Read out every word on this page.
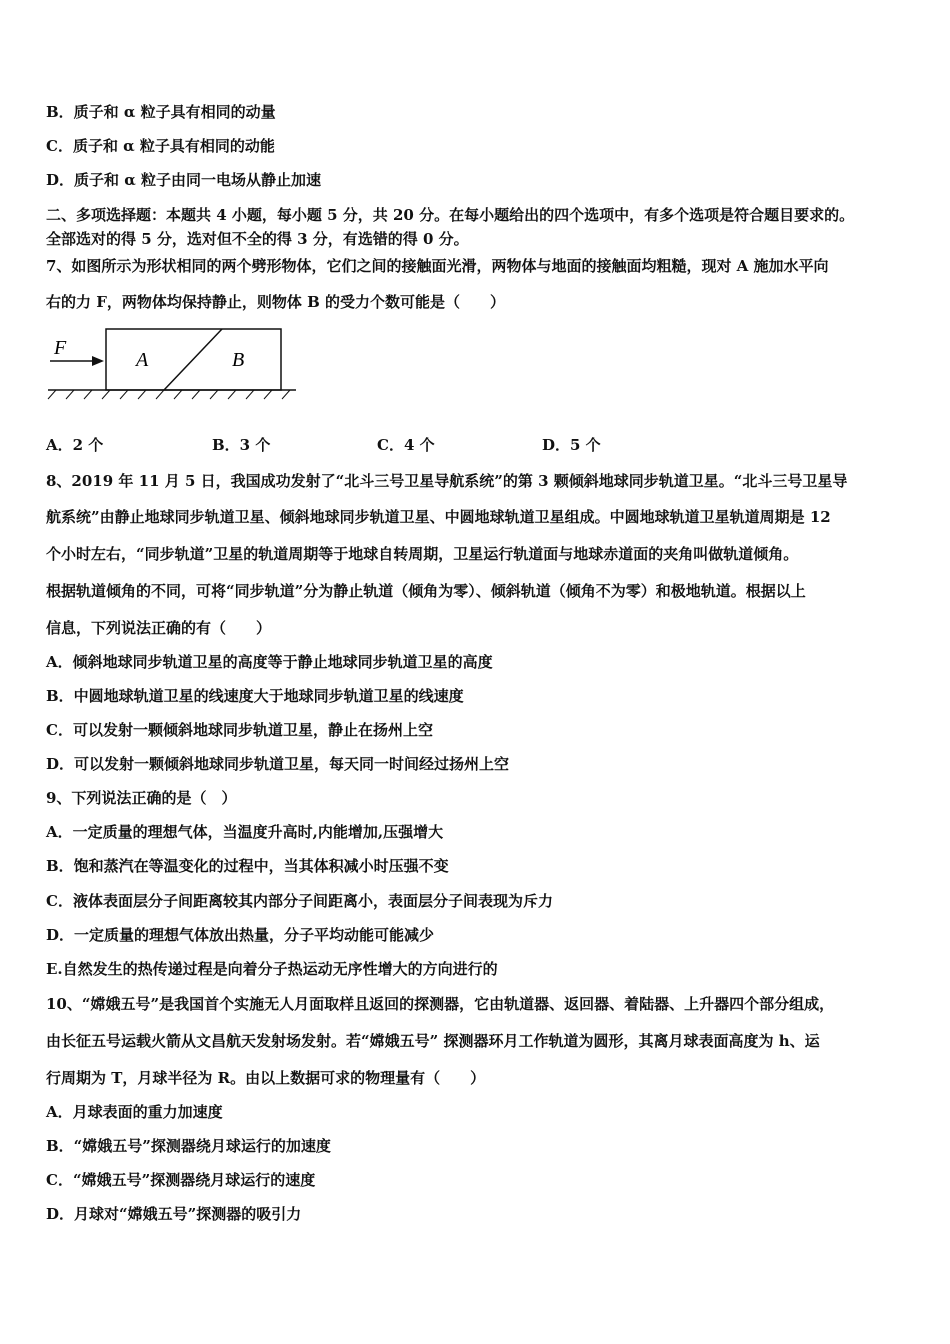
B．质子和 α 粒子具有相同的动量
C．质子和 α 粒子具有相同的动能
D．质子和 α 粒子由同一电场从静止加速
二、多项选择题：本题共 4 小题，每小题 5 分，共 20 分。在每小题给出的四个选项中，有多个选项是符合题目要求的。
全部选对的得 5 分，选对但不全的得 3 分，有选错的得 0 分。
7、如图所示为形状相同的两个劈形物体，它们之间的接触面光滑，两物体与地面的接触面均粗糙，现对 A 施加水平向
右的力 F，两物体均保持静止，则物体 B 的受力个数可能是（　　）
F
A	B
A．2 个	B．3 个	C．4 个	D．5 个
8、2019 年 11 月 5 日，我国成功发射了“北斗三号卫星导航系统”的第 3 颗倾斜地球同步轨道卫星。“北斗三号卫星导
航系统”由静止地球同步轨道卫星、倾斜地球同步轨道卫星、中圆地球轨道卫星组成。中圆地球轨道卫星轨道周期是 12
个小时左右，“同步轨道”卫星的轨道周期等于地球自转周期，卫星运行轨道面与地球赤道面的夹角叫做轨道倾角。
根据轨道倾角的不同，可将“同步轨道”分为静止轨道（倾角为零）、倾斜轨道（倾角不为零）和极地轨道。根据以上
信息，下列说法正确的有（　　）
A．倾斜地球同步轨道卫星的高度等于静止地球同步轨道卫星的高度
B．中圆地球轨道卫星的线速度大于地球同步轨道卫星的线速度
C．可以发射一颗倾斜地球同步轨道卫星，静止在扬州上空
D．可以发射一颗倾斜地球同步轨道卫星，每天同一时间经过扬州上空
9、下列说法正确的是（　）
A．一定质量的理想气体，当温度升高时,内能增加,压强增大
B．饱和蒸汽在等温变化的过程中，当其体积减小时压强不变
C．液体表面层分子间距离较其内部分子间距离小，表面层分子间表现为斥力
D．一定质量的理想气体放出热量，分子平均动能可能减少
E.自然发生的热传递过程是向着分子热运动无序性增大的方向进行的
10、“嫦娥五号”是我国首个实施无人月面取样且返回的探测器，它由轨道器、返回器、着陆器、上升器四个部分组成，
由长征五号运载火箭从文昌航天发射场发射。若“嫦娥五号” 探测器环月工作轨道为圆形，其离月球表面高度为 h、运
行周期为 T，月球半径为 R。由以上数据可求的物理量有（　　）
A．月球表面的重力加速度
B．“嫦娥五号”探测器绕月球运行的加速度
C．“嫦娥五号”探测器绕月球运行的速度
D．月球对“嫦娥五号”探测器的吸引力
